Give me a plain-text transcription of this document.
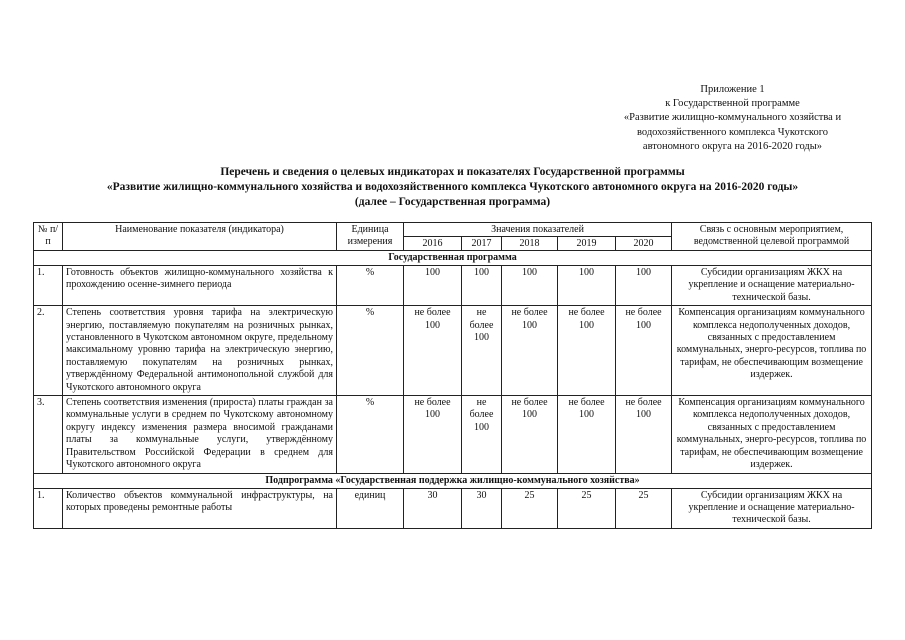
Приложение 1
к Государственной программе
«Развитие жилищно-коммунального хозяйства и
водохозяйственного комплекса Чукотского
автономного округа на 2016-2020 годы»
Перечень и сведения о целевых индикаторах и показателях Государственной программы
«Развитие жилищно-коммунального хозяйства и водохозяйственного комплекса Чукотского автономного округа на 2016-2020 годы»
(далее – Государственная программа)
№ п/п	Наименование показателя (индикатора)	Единица измерения	Значения показателей					Связь с основным мероприятием, ведомственной целевой программой
			2016	2017	2018	2019	2020	
Государственная программа								
1.	Готовность объектов жилищно-коммунального хозяйства к прохождению осенне-зимнего периода	%	100	100	100	100	100	Субсидии организациям ЖКХ на укрепление и оснащение материально-технической базы.
2.	Степень соответствия уровня тарифа на электрическую энергию, поставляемую покупателям на розничных рынках, установленного в Чукотском автономном округе, предельному максимальному уровню тарифа на электрическую энергию, поставляемую покупателям на розничных рынках, утверждённому Федеральной антимонопольной службой для Чукотского автономного округа	%	не более 100	не более 100	не более 100	не более 100	не более 100	Компенсация организациям коммунального комплекса недополученных доходов, связанных с предоставлением коммунальных, энерго-ресурсов, топлива по тарифам, не обеспечивающим возмещение издержек.
3.	Степень соответствия изменения (прироста) платы граждан за коммунальные услуги в среднем по Чукотскому автономному округу индексу изменения размера вносимой гражданами платы за коммунальные услуги, утверждённому Правительством Российской Федерации в среднем для Чукотского автономного округа	%	не более 100	не более 100	не более 100	не более 100	не более 100	Компенсация организациям коммунального комплекса недополученных доходов, связанных с предоставлением коммунальных, энерго-ресурсов, топлива по тарифам, не обеспечивающим возмещение издержек.
Подпрограмма «Государственная поддержка жилищно-коммунального хозяйства»								
1.	Количество объектов коммунальной инфраструктуры, на которых проведены ремонтные работы	единиц	30	30	25	25	25	Субсидии организациям ЖКХ на укрепление и оснащение материально-технической базы.
